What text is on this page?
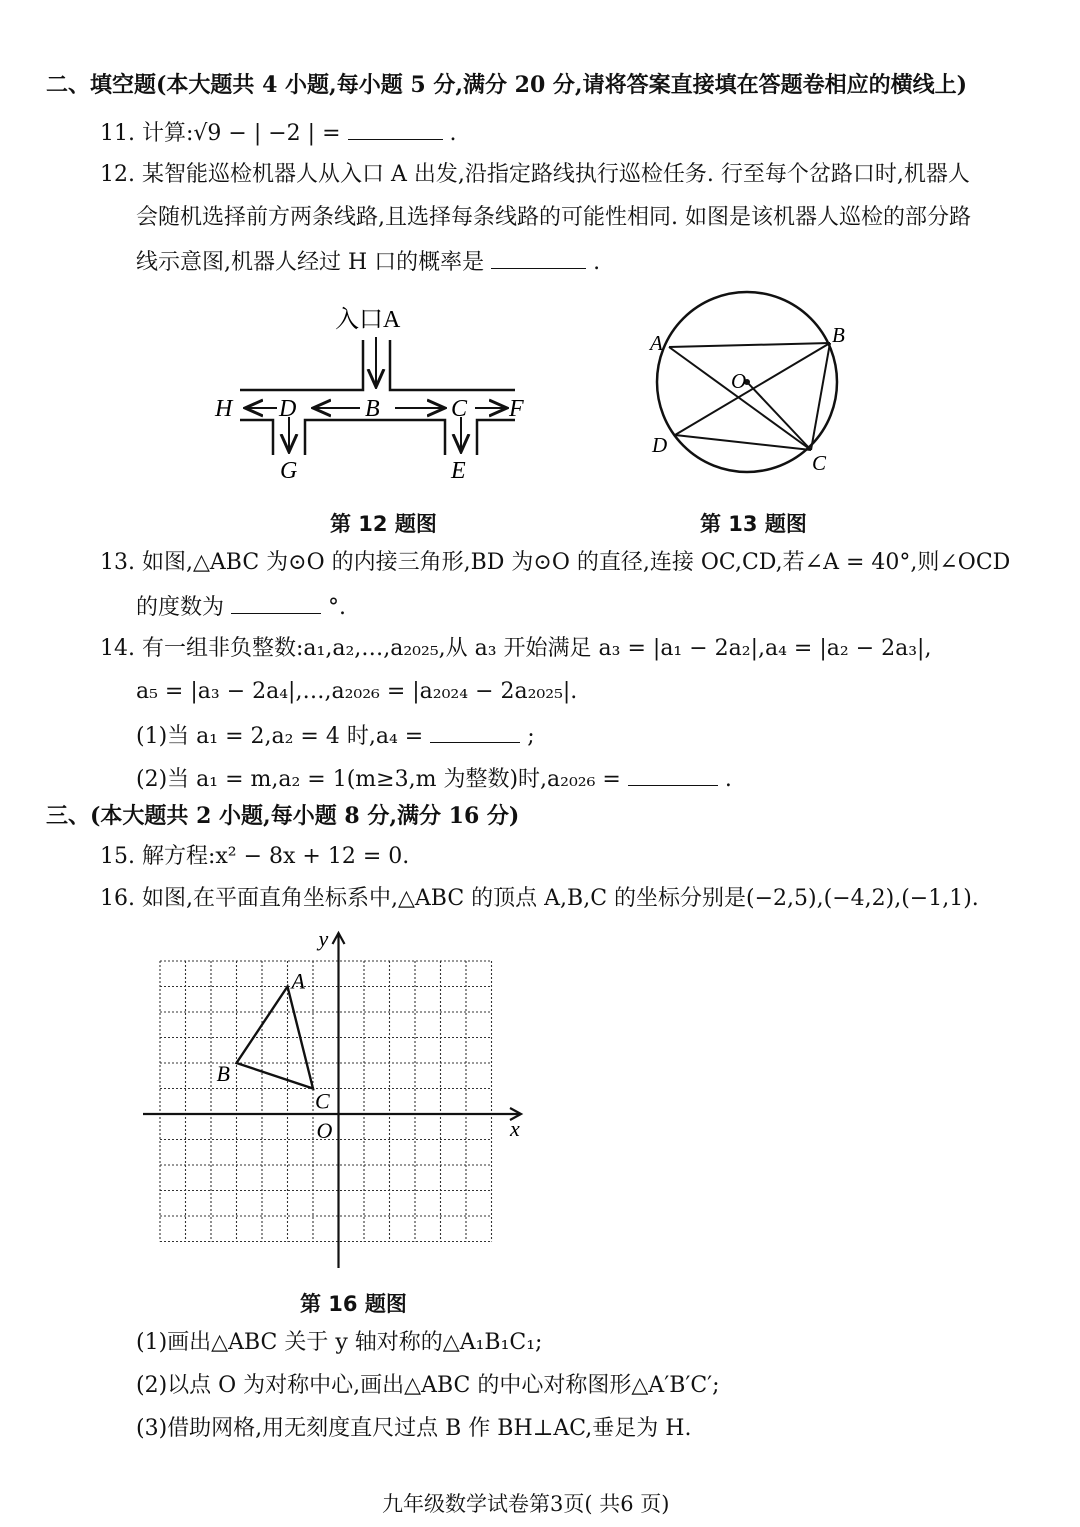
二、填空题(本大题共 4 小题,每小题 5 分,满分 20 分,请将答案直接填在答题卷相应的横线上)
11. 计算:√9 − | −2 | =	.
12. 某智能巡检机器人从入口 A 出发,沿指定路线执行巡检任务. 行至每个岔路口时,机器人
会随机选择前方两条线路,且选择每条线路的可能性相同. 如图是该机器人巡检的部分路
线示意图,机器人经过 H 口的概率是	.
入口A
H D	B	C F
G	E
第 12 题图
A	B
O
D
C
第 13 题图
13. 如图,△ABC 为⊙O 的内接三角形,BD 为⊙O 的直径,连接 OC,CD,若∠A = 40°,则∠OCD
的度数为	°.
14. 有一组非负整数:a₁,a₂,…,a₂₀₂₅,从 a₃ 开始满足 a₃ = |a₁ − 2a₂|,a₄ = |a₂ − 2a₃|,
a₅ = |a₃ − 2a₄|,…,a₂₀₂₆ = |a₂₀₂₄ − 2a₂₀₂₅|.
(1)当 a₁ = 2,a₂ = 4 时,a₄ =	;
(2)当 a₁ = m,a₂ = 1(m≥3,m 为整数)时,a₂₀₂₆ =	.
三、(本大题共 2 小题,每小题 8 分,满分 16 分)
15. 解方程:x² − 8x + 12 = 0.
16. 如图,在平面直角坐标系中,△ABC 的顶点 A,B,C 的坐标分别是(−2,5),(−4,2),(−1,1).
y
x
O
A
B
C
第 16 题图
(1)画出△ABC 关于 y 轴对称的△A₁B₁C₁;
(2)以点 O 为对称中心,画出△ABC 的中心对称图形△A′B′C′;
(3)借助网格,用无刻度直尺过点 B 作 BH⊥AC,垂足为 H.
九年级数学试卷第3页( 共6 页)
